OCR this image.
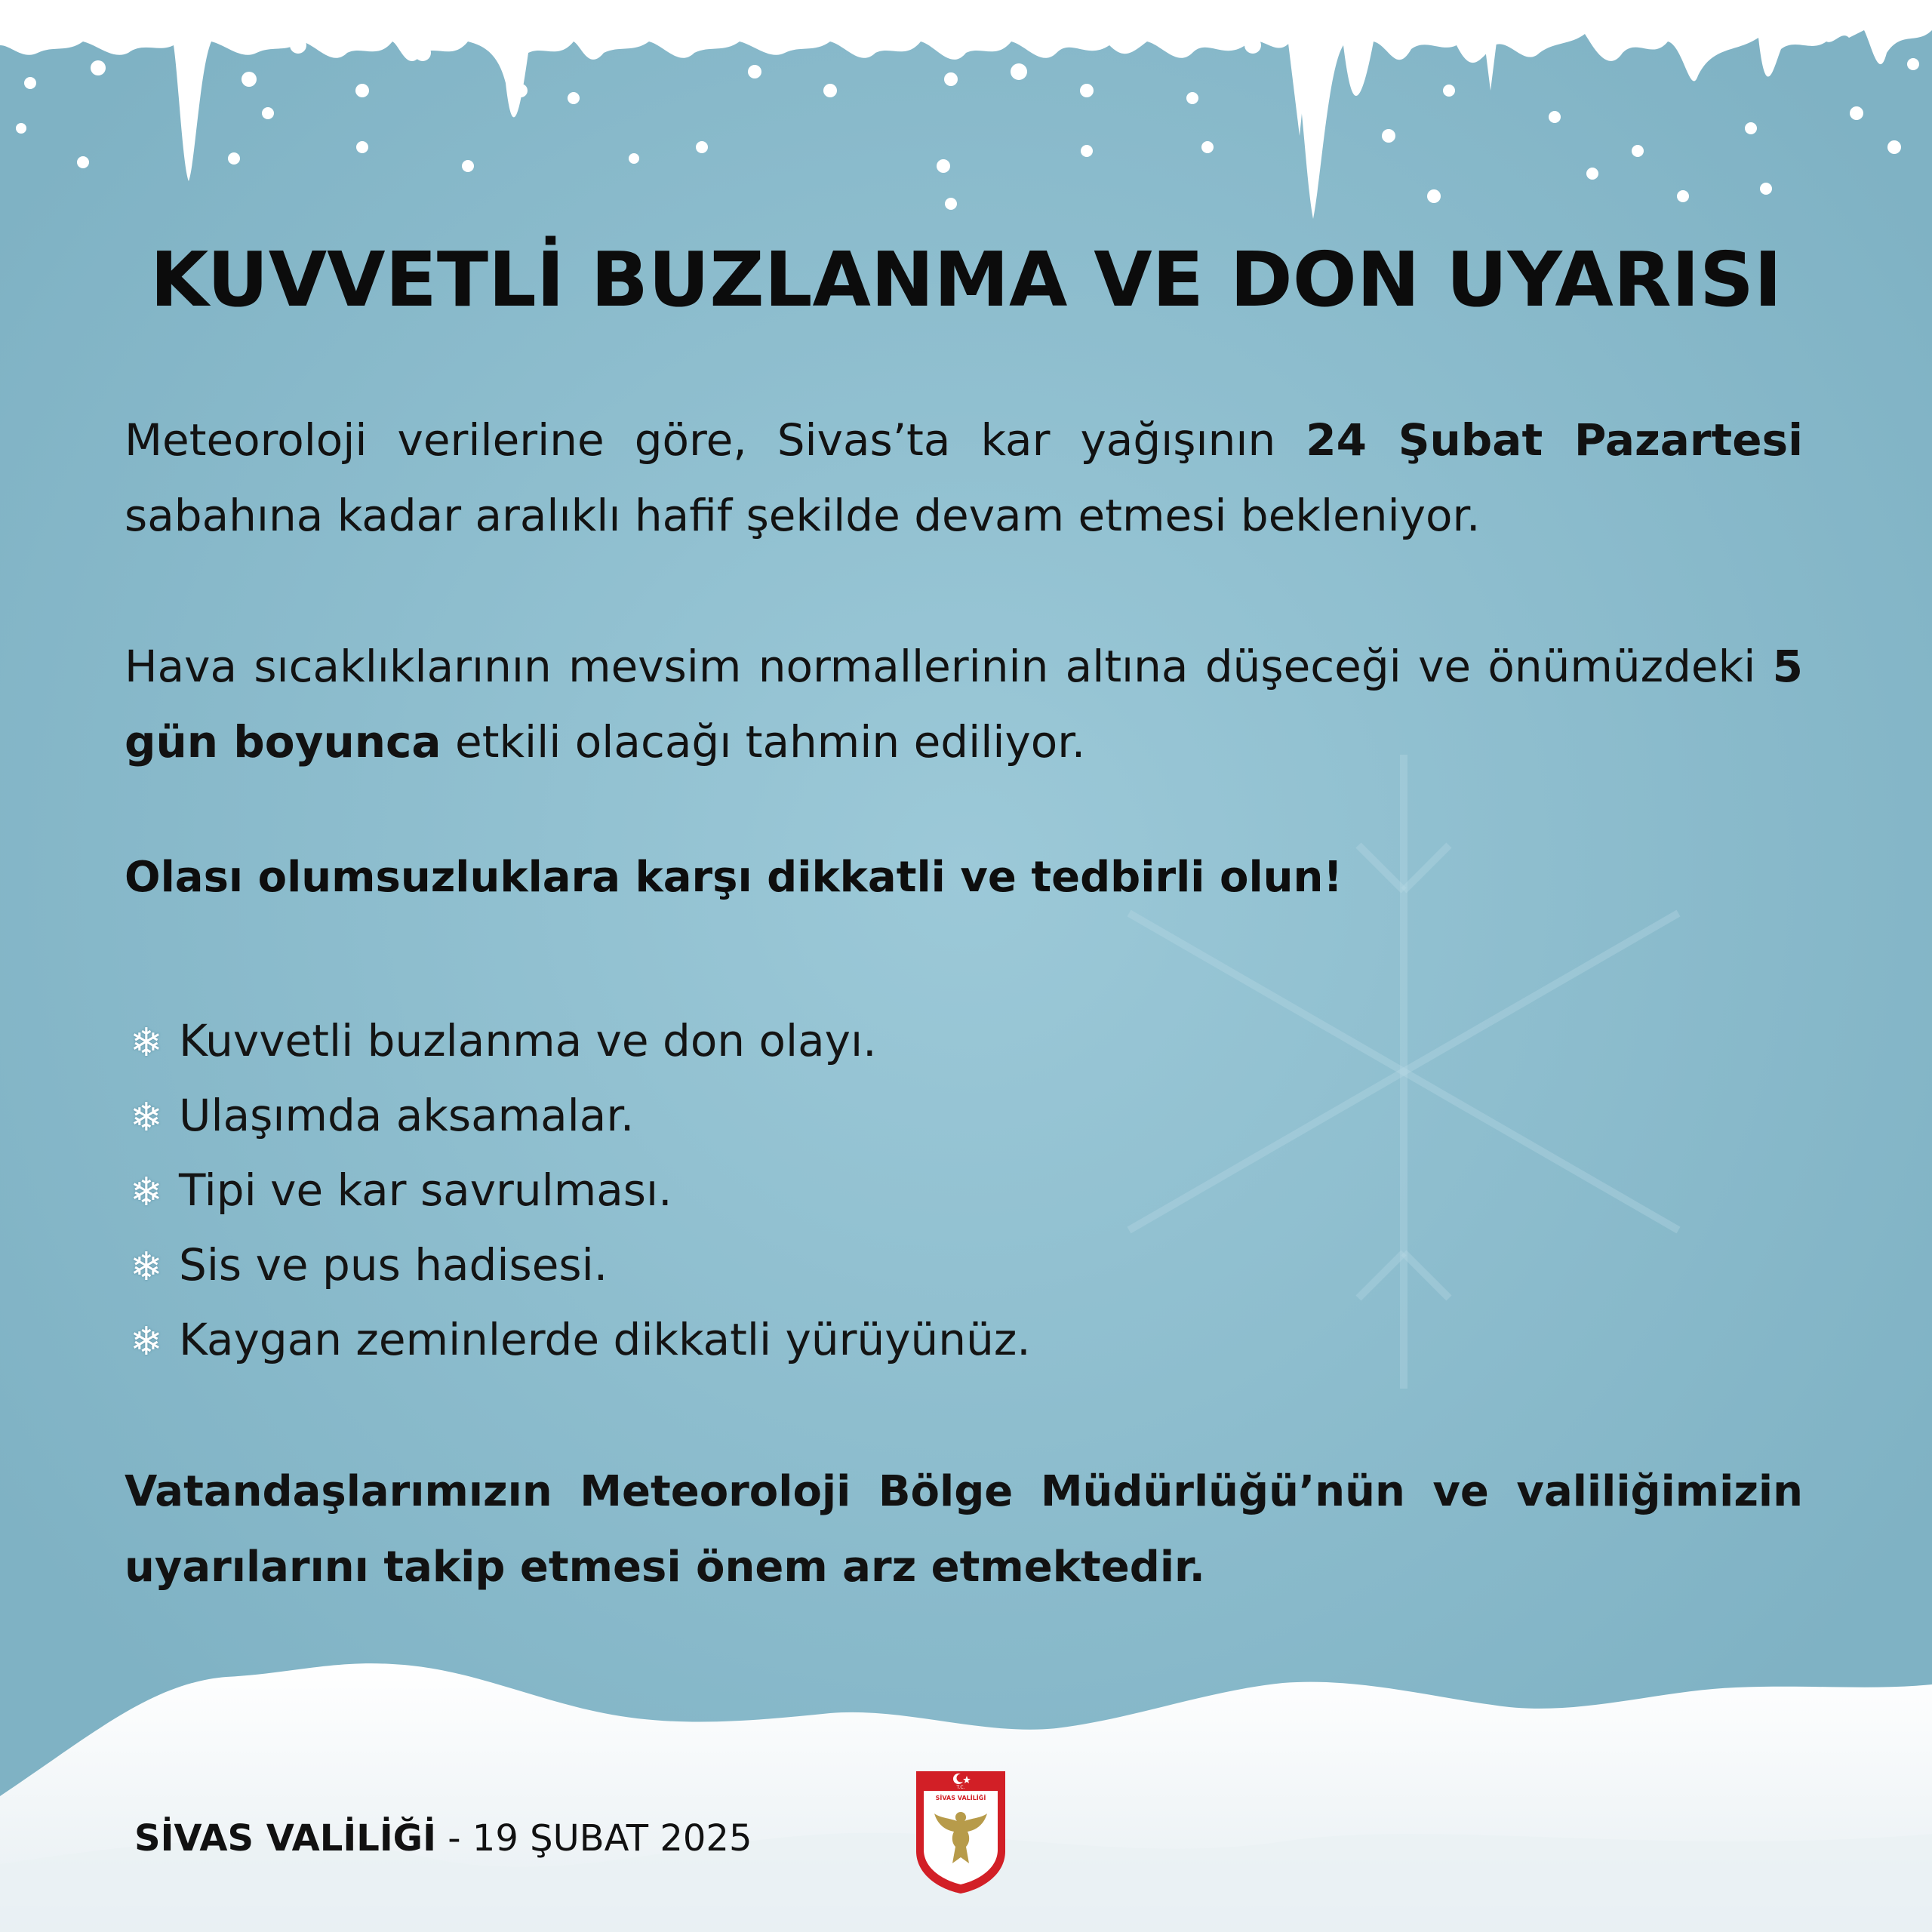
KUVVETLİ BUZLANMA VE DON UYARISI
Meteoroloji verilerine göre, Sivas’ta kar yağışının 24 Şubat Pazartesi sabahına kadar aralıklı hafif şekilde devam etmesi bekleniyor.
Hava sıcaklıklarının mevsim normallerinin altına düşeceği ve önümüzdeki 5 gün boyunca etkili olacağı tahmin ediliyor.
Olası olumsuzluklara karşı dikkatli ve tedbirli olun!
❄ Kuvvetli buzlanma ve don olayı.
❄ Ulaşımda aksamalar.
❄ Tipi ve kar savrulması.
❄ Sis ve pus hadisesi.
❄ Kaygan zeminlerde dikkatli yürüyünüz.
Vatandaşlarımızın Meteoroloji Bölge Müdürlüğü’nün ve valiliğimizin uyarılarını takip etmesi önem arz etmektedir.
SİVAS VALİLİĞİ - 19 ŞUBAT 2025
T.C.
SİVAS VALİLİĞİ
